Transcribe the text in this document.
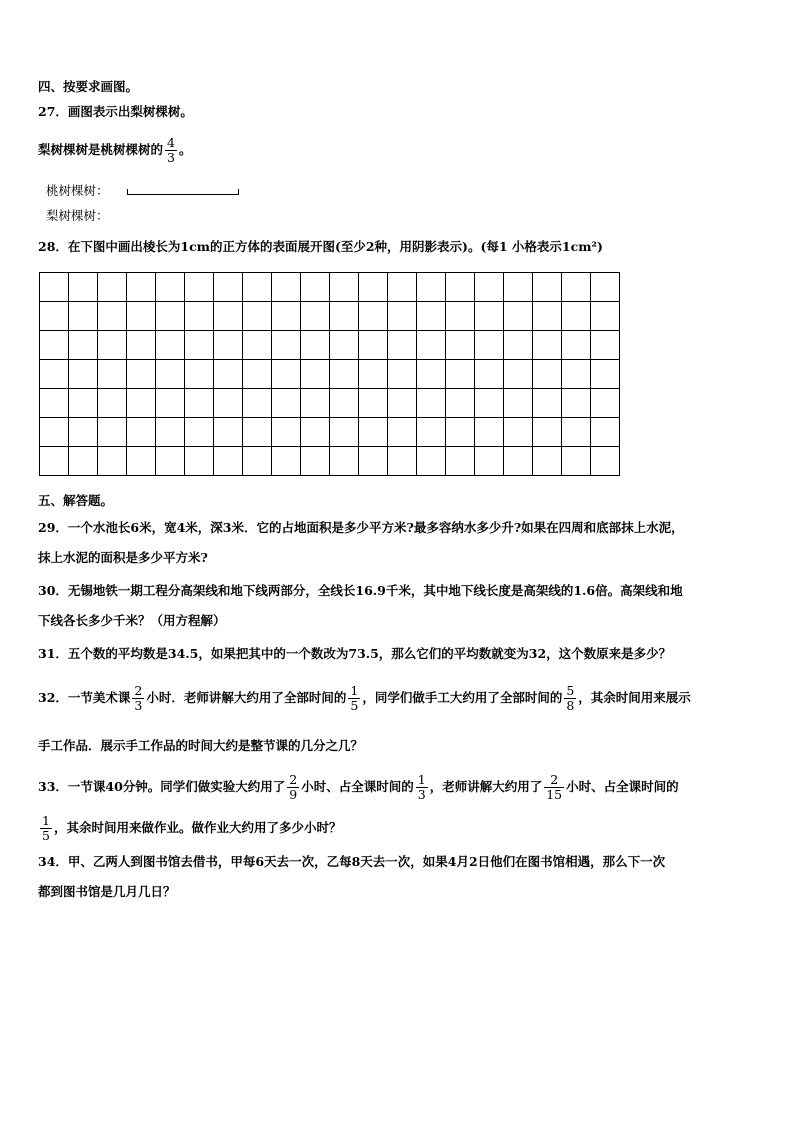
四、按要求画图。
27．画图表示出梨树棵树。
梨树棵树是桃树棵树的 $\frac{4}{3}$ 。
桃树棵树：
梨树棵树：
28．在下图中画出棱长为1cm的正方体的表面展开图(至少2种，用阴影表示)。(每1 小格表示1cm²)

五、解答题。
29．一个水池长6米，宽4米，深3米．它的占地面积是多少平方米?最多容纳水多少升?如果在四周和底部抹上水泥，
抹上水泥的面积是多少平方米?
30．无锡地铁一期工程分高架线和地下线两部分，全线长16.9千米，其中地下线长度是高架线的1.6倍。高架线和地
下线各长多少千米？（用方程解）
31．五个数的平均数是34.5，如果把其中的一个数改为73.5，那么它们的平均数就变为32，这个数原来是多少？
32．一节美术课 $\frac{2}{3}$ 小时．老师讲解大约用了全部时间的 $\frac{1}{5}$ ，同学们做手工大约用了全部时间的 $\frac{5}{8}$ ，其余时间用来展示
手工作品．展示手工作品的时间大约是整节课的几分之几？
33．一节课40分钟。同学们做实验大约用了 $\frac{2}{9}$ 小时、占全课时间的 $\frac{1}{3}$ ，老师讲解大约用了 $\frac{2}{15}$ 小时、占全课时间的
$\frac{1}{5}$ ，其余时间用来做作业。做作业大约用了多少小时？
34．甲、乙两人到图书馆去借书，甲每6天去一次，乙每8天去一次，如果4月2日他们在图书馆相遇，那么下一次
都到图书馆是几月几日？
